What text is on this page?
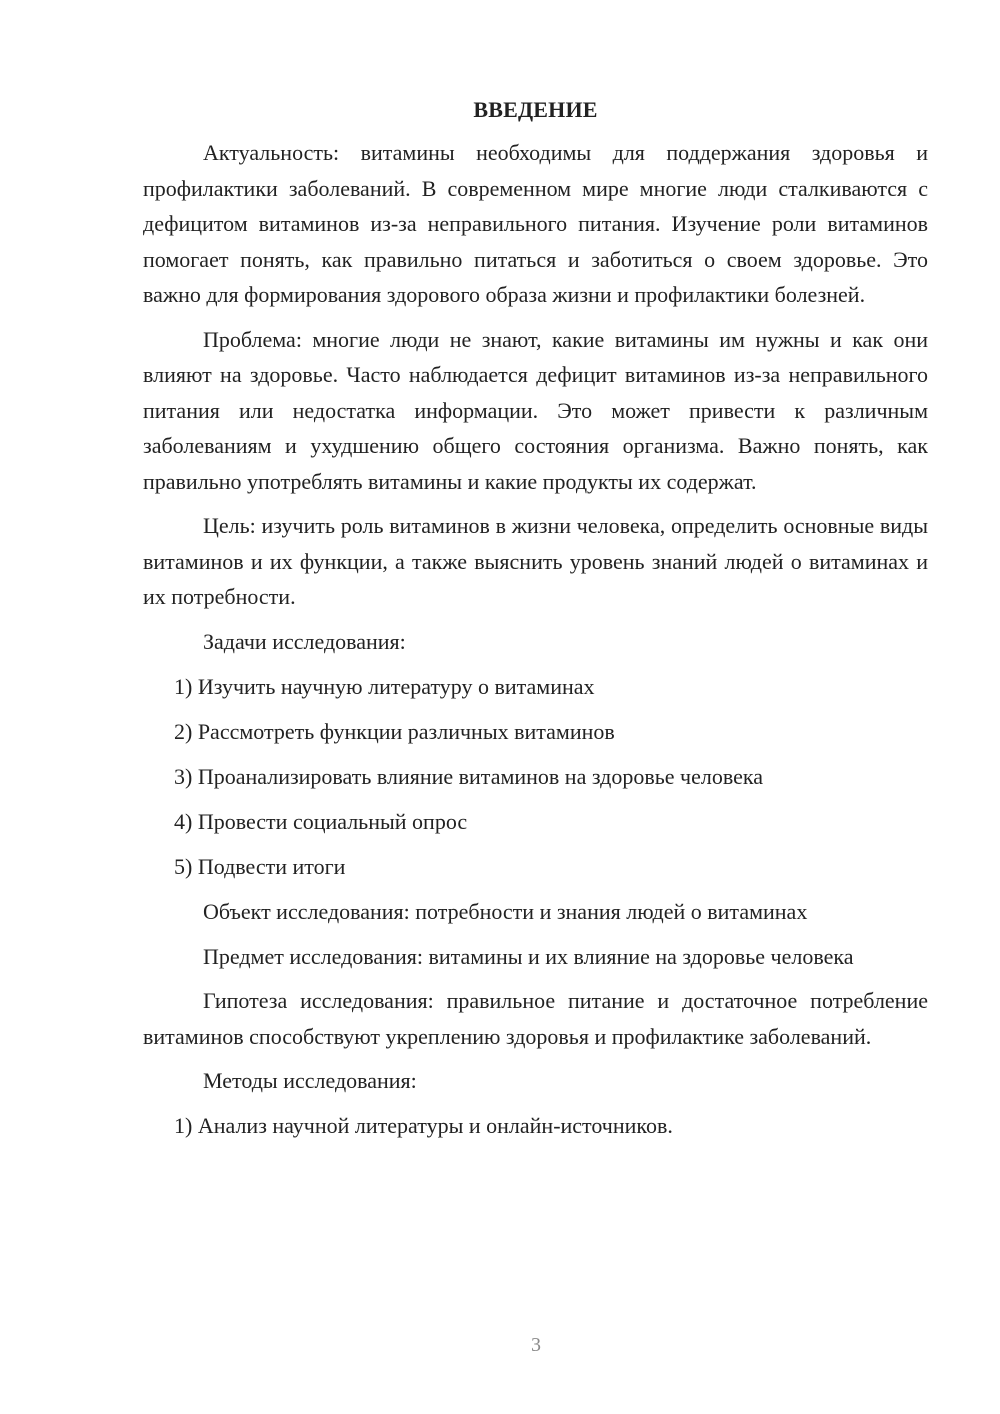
ВВЕДЕНИЕ

Актуальность: витамины необходимы для поддержания здоровья и профилактики заболеваний. В современном мире многие люди сталкиваются с дефицитом витаминов из-за неправильного питания. Изучение роли витаминов помогает понять, как правильно питаться и заботиться о своем здоровье. Это важно для формирования здорового образа жизни и профилактики болезней.

Проблема: многие люди не знают, какие витамины им нужны и как они влияют на здоровье. Часто наблюдается дефицит витаминов из-за неправильного питания или недостатка информации. Это может привести к различным заболеваниям и ухудшению общего состояния организма. Важно понять, как правильно употреблять витамины и какие продукты их содержат.

Цель: изучить роль витаминов в жизни человека, определить основные виды витаминов и их функции, а также выяснить уровень знаний людей о витаминах и их потребности.

Задачи исследования:
1) Изучить научную литературу о витаминах
2) Рассмотреть функции различных витаминов
3) Проанализировать влияние витаминов на здоровье человека
4) Провести социальный опрос
5) Подвести итоги
Объект исследования: потребности и знания людей о витаминах

Предмет исследования: витамины и их влияние на здоровье человека

Гипотеза исследования: правильное питание и достаточное потребление витаминов способствуют укреплению здоровья и профилактике заболеваний.

Методы исследования:
1) Анализ научной литературы и онлайн-источников.
3
